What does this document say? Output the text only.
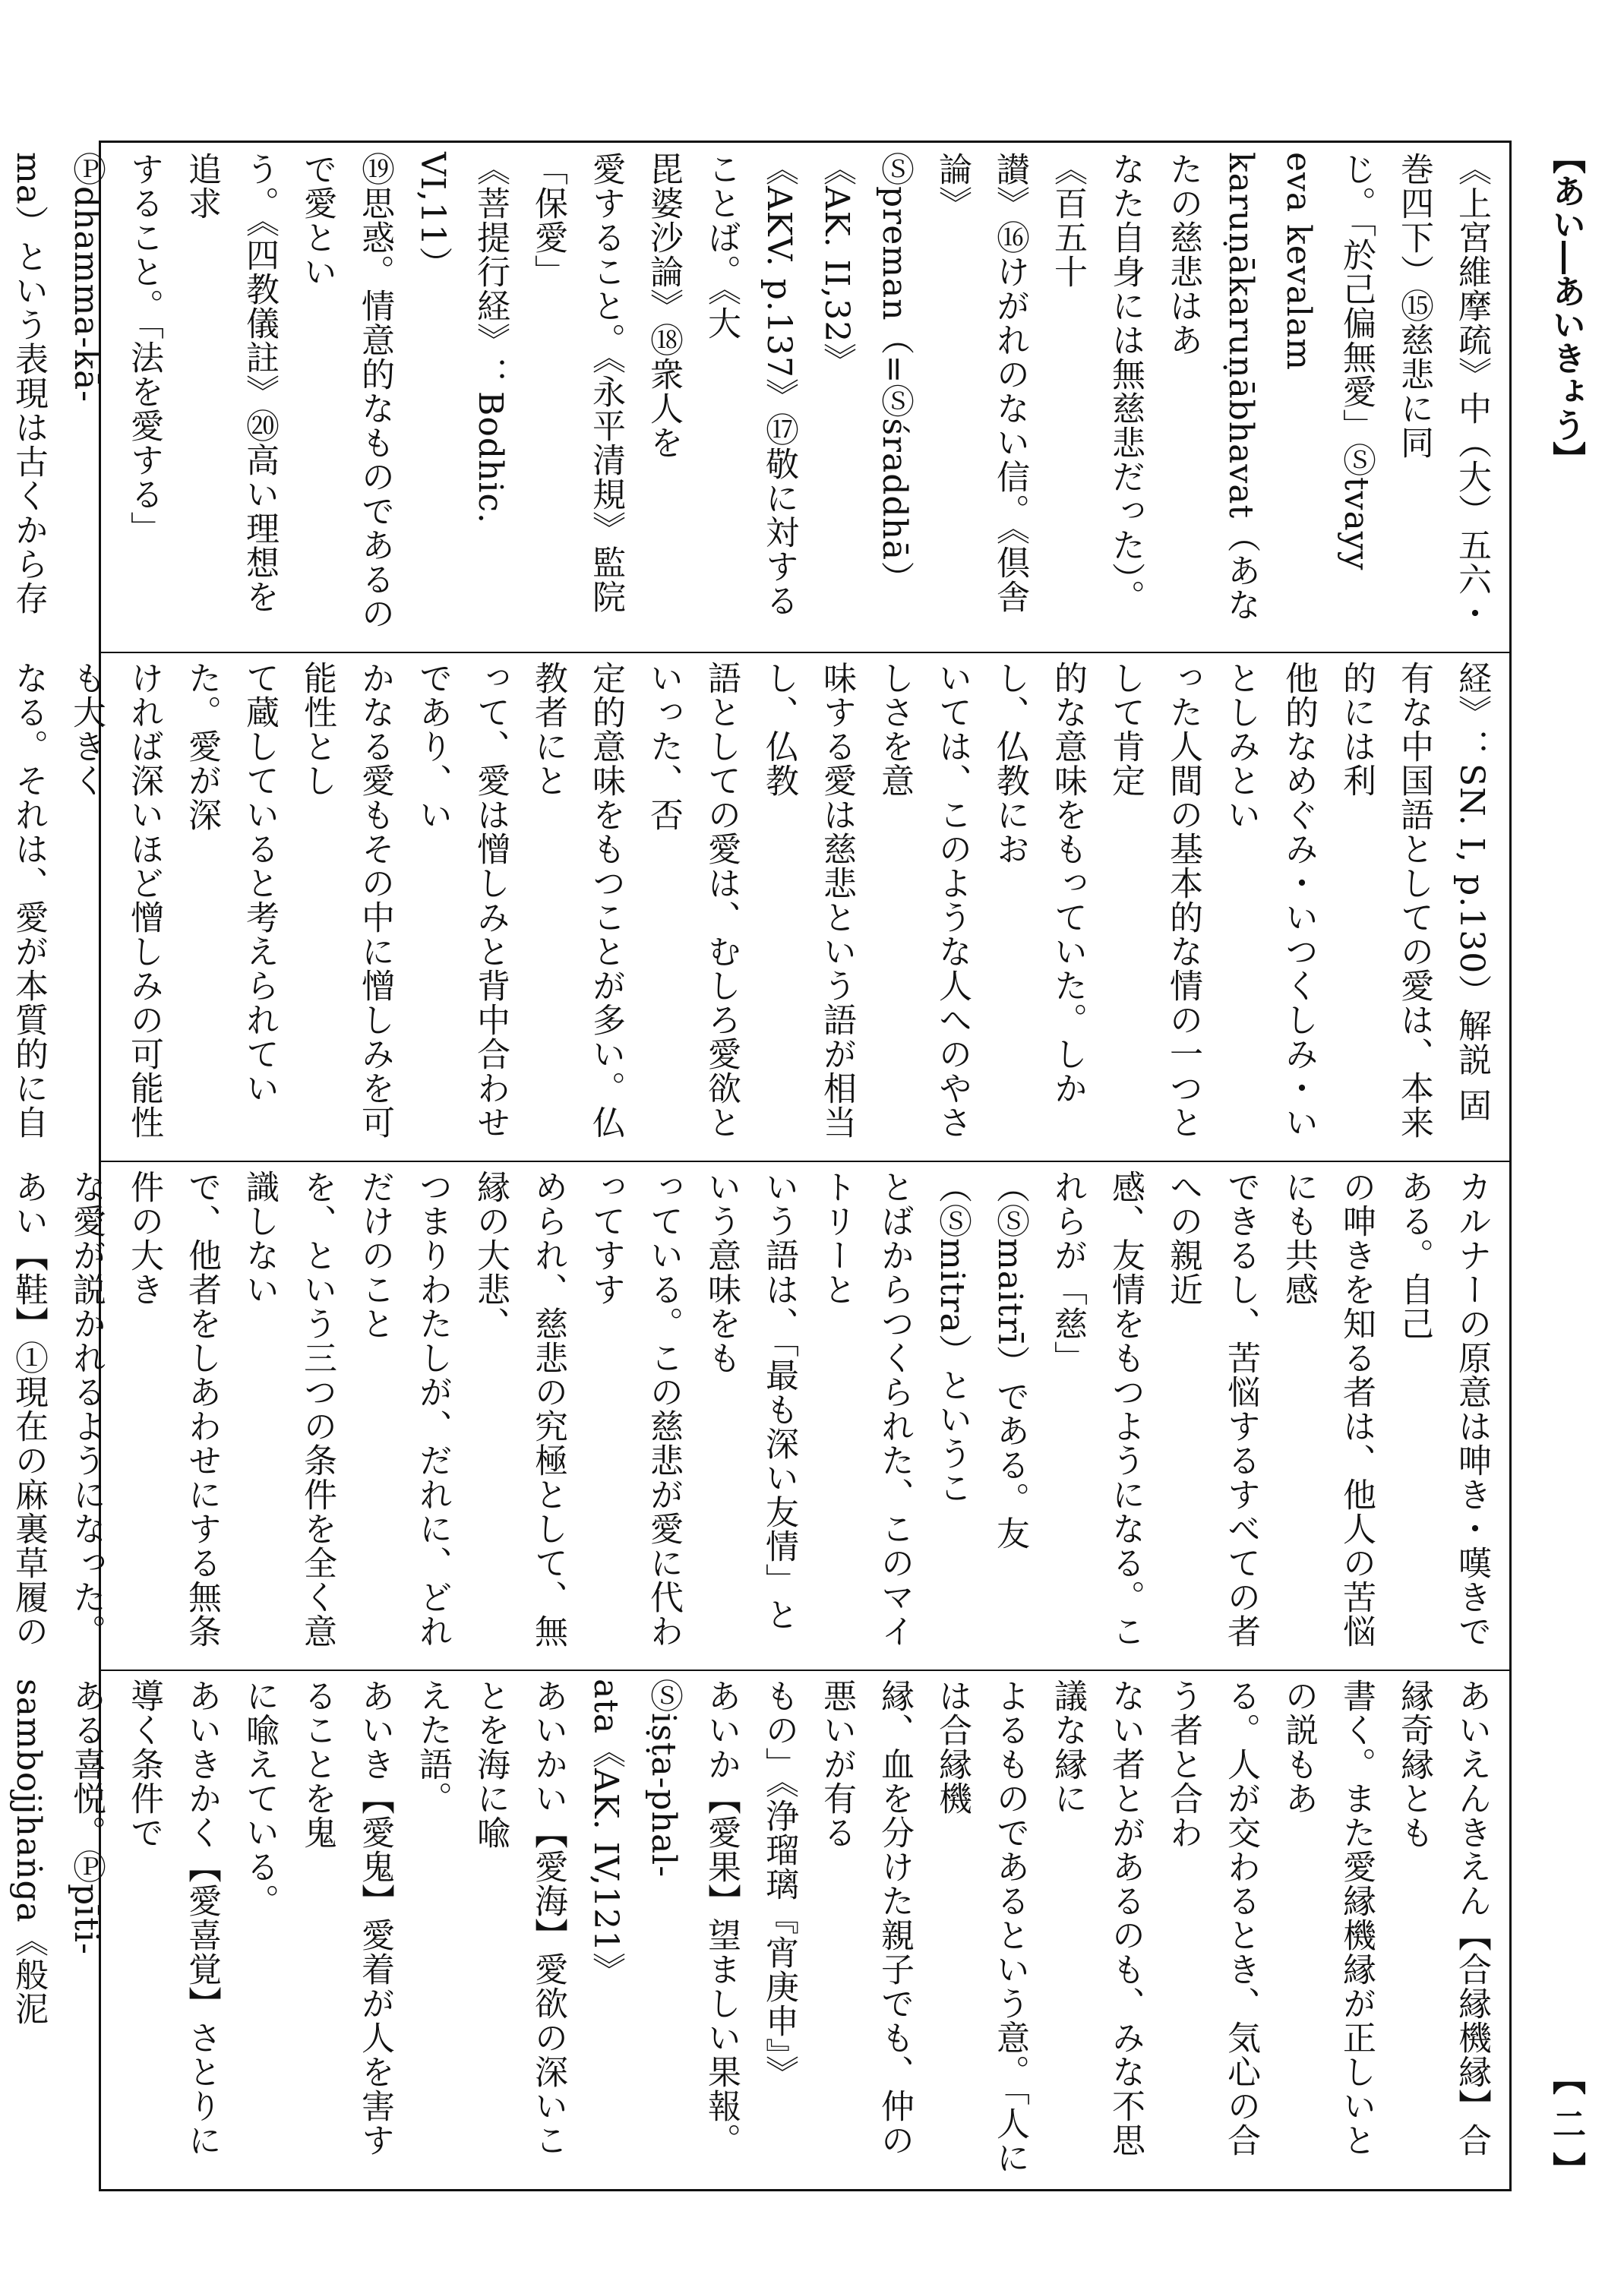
【あい―あいきょう】
《上宮維摩疏》中（大）五六・巻四下）⑮慈悲に同
じ。「於己偏無愛」Ⓢtvayy eva kevalam
karuṇākaruṇābhavat（あなたの慈悲はあ
なた自身には無慈悲だった）。《百五十
讃》⑯けがれのない信。《倶舎論》
Ⓢpreman（=Ⓢśraddhā）《AK. II,32》
《AKV. p.137》⑰敬に対することば。《大
毘婆沙論》⑱衆人を
愛すること。《永平清規》監院「保愛」
《菩提行経》：Bodhic. VI,11）
⑲思惑。情意的なものであるので愛とい
う。《四教儀註》⑳高い理想を追求
すること。「法を愛する」Ⓟdhamma-kā-
ma）という表現は古くから存

経》：SN. I, p.130）解説 固
有な中国語としての愛は、本来的には利
他的なめぐみ・いつくしみ・いとしみとい
った人間の基本的な情の一つとして肯定
的な意味をもっていた。しかし、仏教にお
いては、このような人へのやさしさを意
味する愛は慈悲という語が相当し、仏教
語としての愛は、むしろ愛欲といった、否
定的意味をもつことが多い。仏教者にと
って、愛は憎しみと背中合わせであり、い
かなる愛もその中に憎しみを可能性とし
て蔵していると考えられていた。愛が深
ければ深いほど憎しみの可能性も大きく
なる。それは、愛が本質的に自

カルナーの原意は呻き・嘆きである。自己
の呻きを知る者は、他人の苦悩にも共感
できるし、苦悩するすべての者への親近
感、友情をもつようになる。これらが「慈」
（Ⓢmaitrī）である。友（Ⓢmitra）というこ
とばからつくられた、このマイトリーと
いう語は、「最も深い友情」という意味をも
っている。この慈悲が愛に代わってすす
められ、慈悲の究極として、無縁の大悲、
つまりわたしが、だれに、どれだけのこと
を、という三つの条件を全く意識しない
で、他者をしあわせにする無条件の大き
な愛が説かれるようになった。
あい【鞋】①現在の麻裏草履の

あいえんきえん【合縁機縁】合縁奇縁とも
書く。また愛縁機縁が正しいとの説もあ
る。人が交わるとき、気心の合う者と合わ
ない者とがあるのも、みな不思議な縁に
よるものであるという意。「人には合縁機
縁、血を分けた親子でも、仲の悪いが有る
もの」《浄瑠璃『宵庚申』》
あいか【愛果】望ましい果報。Ⓢiṣṭa-phal-
ata《AK. IV,121》
あいかい【愛海】愛欲の深いことを海に喩
えた語。
あいき【愛鬼】愛着が人を害することを鬼
に喩えている。
あいきかく【愛喜覚】さとりに導く条件で
ある喜悦。Ⓟpīti-sambojjhaṅga《般泥

【 二 】
